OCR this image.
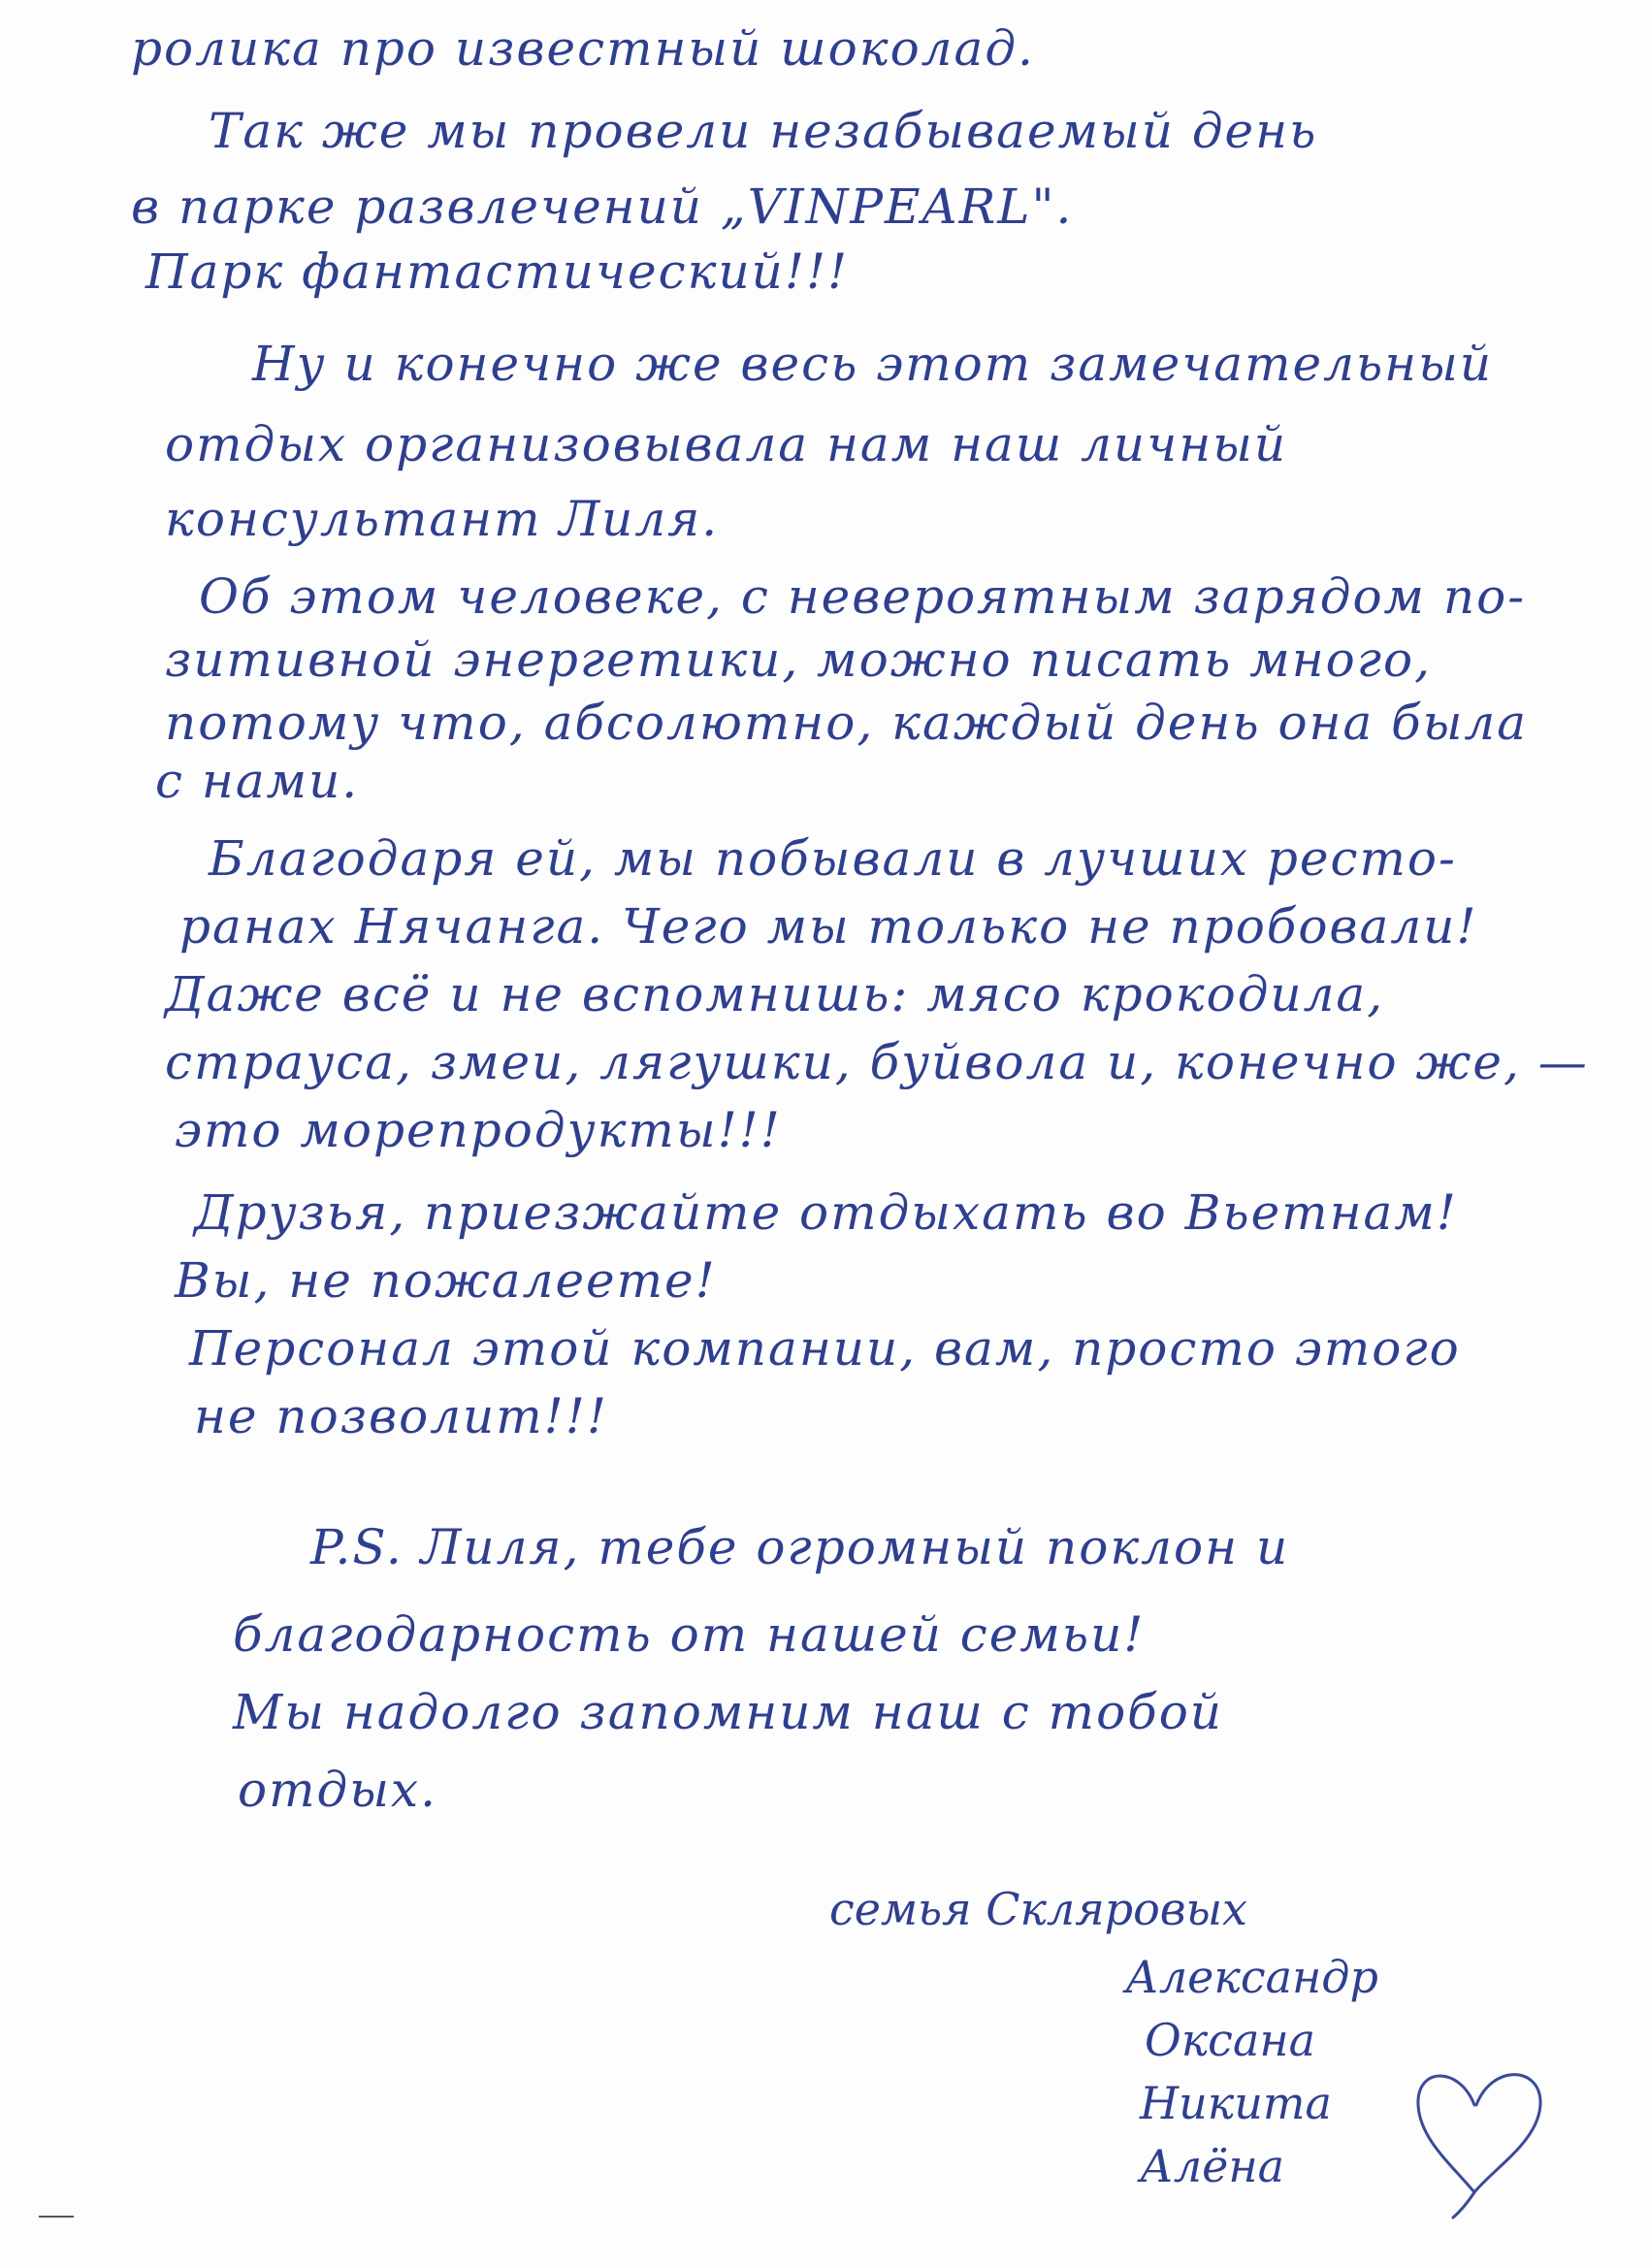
ролика про известный шоколад.
Так же мы провели незабываемый день
в парке развлечений „VINPEARL".
Парк фантастический!!!
Ну и конечно же весь этот замечательный
отдых организовывала нам наш личный
консультант Лиля.
Об этом человеке, с невероятным зарядом по-
зитивной энергетики, можно писать много,
потому что, абсолютно, каждый день она была
с нами.
Благодаря ей, мы побывали в лучших ресто-
ранах Нячанга. Чего мы только не пробовали!
Даже всё и не вспомнишь: мясо крокодила,
страуса, змеи, лягушки, буйвола и, конечно же, —
это морепродукты!!!
Друзья, приезжайте отдыхать во Вьетнам!
Вы, не пожалеете!
Персонал этой компании, вам, просто этого
не позволит!!!
P.S. Лиля, тебе огромный поклон и
благодарность от нашей семьи!
Мы надолго запомним наш с тобой
отдых.
семья Скляровых
Александр
Оксана
Никита
Алёна
